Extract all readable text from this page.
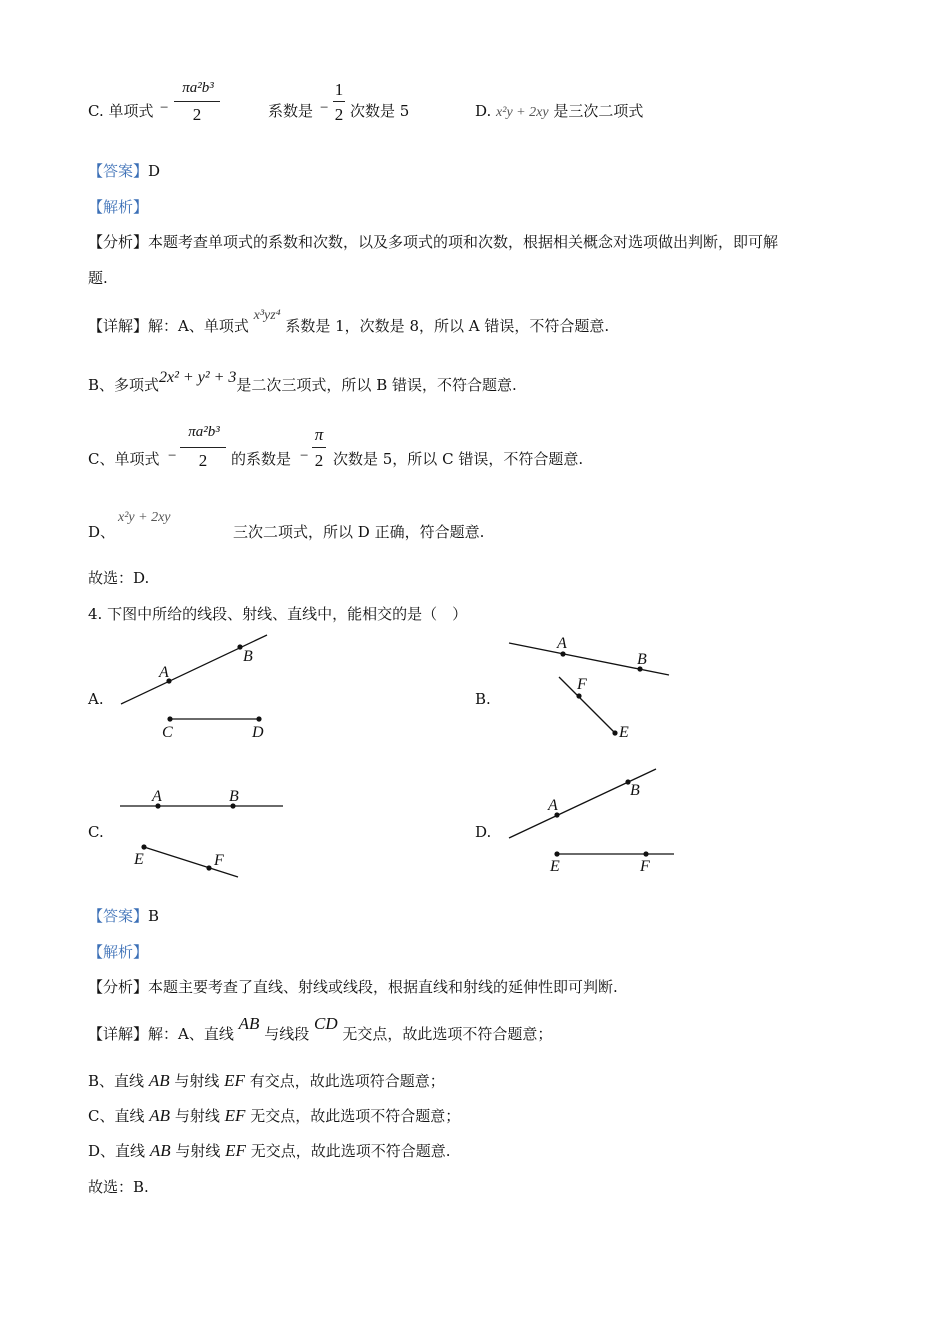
C. 单项式 −
πa²b³
2	系数是 −
1
2 次数是 5	D. x²y + 2xy 是三次二项式
【答案】D
【解析】
【分析】本题考查单项式的系数和次数，以及多项式的项和次数，根据相关概念对选项做出判断，即可解
题.
【详解】解：A、单项式 x³yz⁴ 系数是 1，次数是 8，所以 A 错误，不符合题意.
B、多项式2x² + y² + 3是二次三项式，所以 B 错误，不符合题意.
C、单项式 −
πa²b³
2	的系数是 −
π
2 次数是 5，所以 C 错误，不符合题意.
D、
x²y + 2xy
三次二项式，所以 D 正确，符合题意.
故选：D.
4. 下图中所给的线段、射线、直线中，能相交的是（　）
A.	B.
C.	D.
A
B
C	D
A
B
F
E
A	B
E	F
A
B
E	F
【答案】B
【解析】
【分析】本题主要考查了直线、射线或线段，根据直线和射线的延伸性即可判断.
【详解】解：A、直线 AB 与线段 CD 无交点，故此选项不符合题意；
B、直线 AB 与射线 EF 有交点，故此选项符合题意；
C、直线 AB 与射线 EF 无交点，故此选项不符合题意；
D、直线 AB 与射线 EF 无交点，故此选项不符合题意.
故选：B.
